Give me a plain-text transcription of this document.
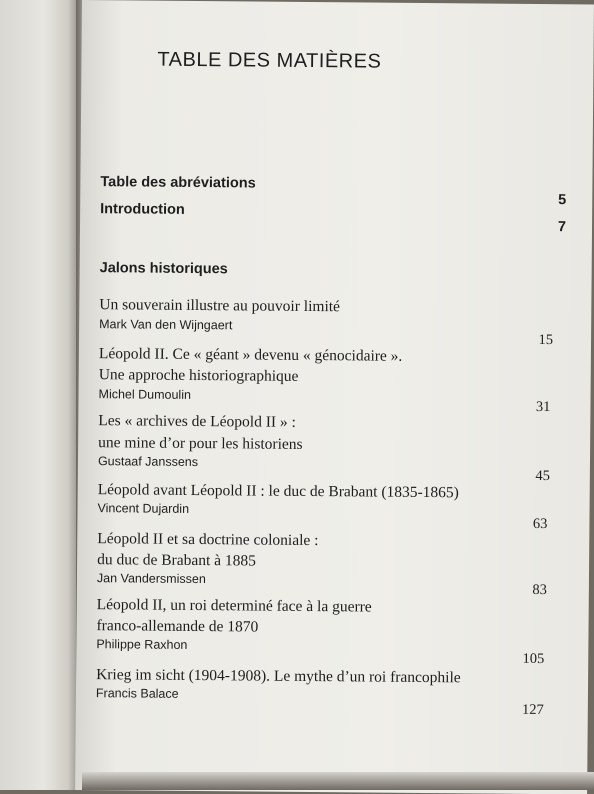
TABLE DES MATIÈRES
Table des abréviations
5
Introduction
7
Jalons historiques
Un souverain illustre au pouvoir limité
Mark Van den Wijngaert
15
Léopold II. Ce « géant » devenu « génocidaire ».
Une approche historiographique
Michel Dumoulin
31
Les « archives de Léopold II » :
une mine d’or pour les historiens
Gustaaf Janssens
45
Léopold avant Léopold II : le duc de Brabant (1835-1865)
Vincent Dujardin
63
Léopold II et sa doctrine coloniale :
du duc de Brabant à 1885
Jan Vandersmissen
83
Léopold II, un roi determiné face à la guerre
franco-allemande de 1870
Philippe Raxhon
105
Krieg im sicht (1904-1908). Le mythe d’un roi francophile
Francis Balace
127
